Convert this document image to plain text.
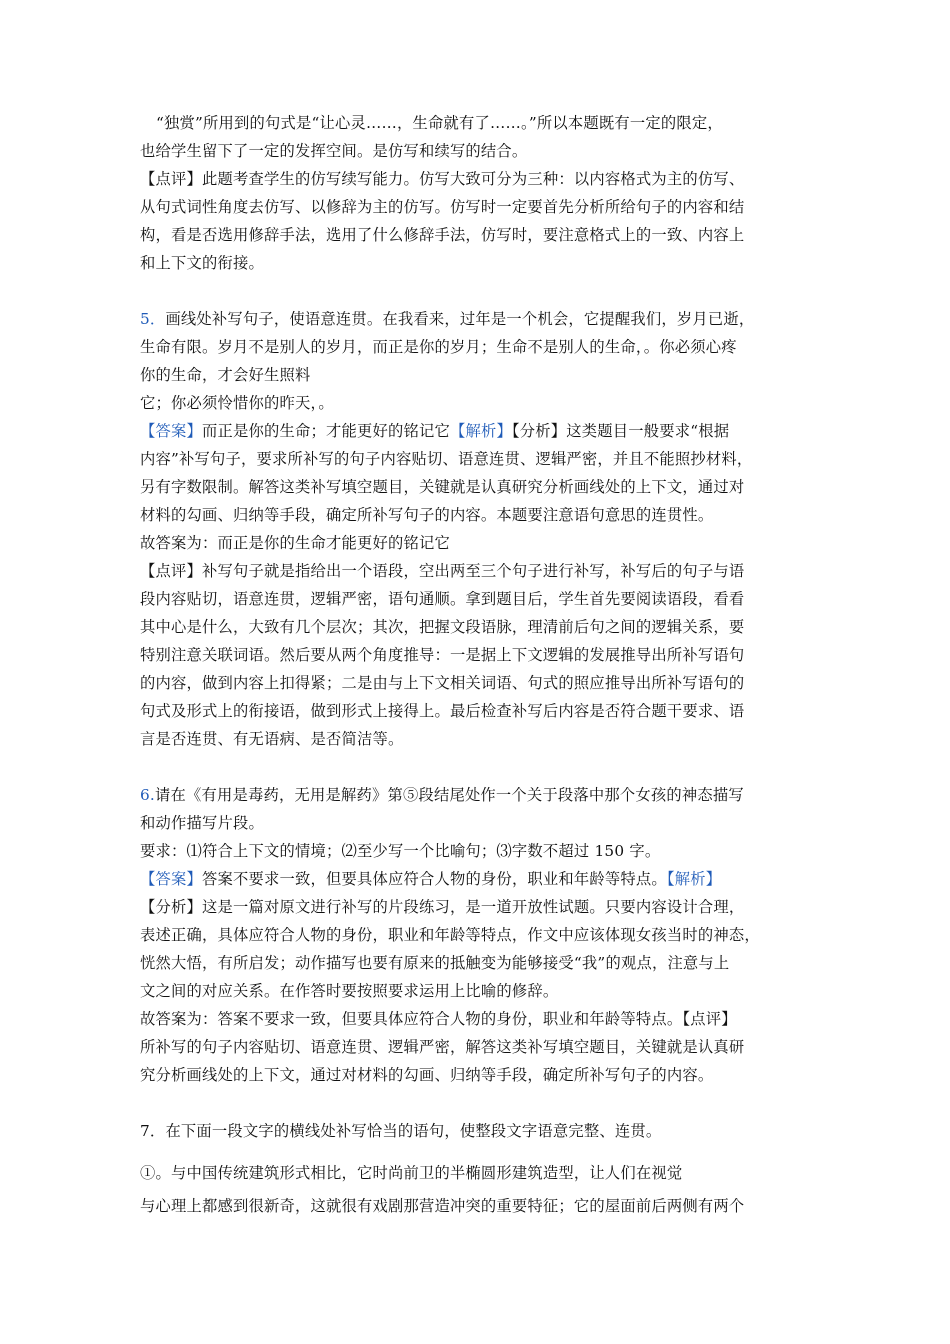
“独赏”所用到的句式是“让心灵……，生命就有了……。”所以本题既有一定的限定，
也给学生留下了一定的发挥空间。是仿写和续写的结合。
【点评】此题考查学生的仿写续写能力。仿写大致可分为三种：以内容格式为主的仿写、
从句式词性角度去仿写、以修辞为主的仿写。仿写时一定要首先分析所给句子的内容和结
构，看是否选用修辞手法，选用了什么修辞手法，仿写时，要注意格式上的一致、内容上
和上下文的衔接。
5．画线处补写句子，使语意连贯。在我看来，过年是一个机会，它提醒我们，岁月已逝，
生命有限。岁月不是别人的岁月，而正是你的岁月；生命不是别人的生命，。你必须心疼
你的生命，才会好生照料
它；你必须怜惜你的昨天，。
【答案】而正是你的生命；才能更好的铭记它【解析】【分析】这类题目一般要求“根据
内容”补写句子，要求所补写的句子内容贴切、语意连贯、逻辑严密，并且不能照抄材料，
另有字数限制。解答这类补写填空题目，关键就是认真研究分析画线处的上下文，通过对
材料的勾画、归纳等手段，确定所补写句子的内容。本题要注意语句意思的连贯性。
故答案为：而正是你的生命才能更好的铭记它
【点评】补写句子就是指给出一个语段，空出两至三个句子进行补写，补写后的句子与语
段内容贴切，语意连贯，逻辑严密，语句通顺。拿到题目后，学生首先要阅读语段，看看
其中心是什么，大致有几个层次；其次，把握文段语脉，理清前后句之间的逻辑关系，要
特别注意关联词语。然后要从两个角度推导：一是据上下文逻辑的发展推导出所补写语句
的内容，做到内容上扣得紧；二是由与上下文相关词语、句式的照应推导出所补写语句的
句式及形式上的衔接语，做到形式上接得上。最后检查补写后内容是否符合题干要求、语
言是否连贯、有无语病、是否简洁等。
6.请在《有用是毒药，无用是解药》第⑤段结尾处作一个关于段落中那个女孩的神态描写
和动作描写片段。
要求：⑴符合上下文的情境；⑵至少写一个比喻句；⑶字数不超过 150 字。
【答案】答案不要求一致，但要具体应符合人物的身份，职业和年龄等特点。【解析】
【分析】这是一篇对原文进行补写的片段练习，是一道开放性试题。只要内容设计合理，
表述正确，具体应符合人物的身份，职业和年龄等特点，作文中应该体现女孩当时的神态，
恍然大悟，有所启发；动作描写也要有原来的抵触变为能够接受“我”的观点，注意与上
文之间的对应关系。在作答时要按照要求运用上比喻的修辞。
故答案为：答案不要求一致，但要具体应符合人物的身份，职业和年龄等特点。【点评】
所补写的句子内容贴切、语意连贯、逻辑严密，解答这类补写填空题目，关键就是认真研
究分析画线处的上下文，通过对材料的勾画、归纳等手段，确定所补写句子的内容。
7．在下面一段文字的横线处补写恰当的语句，使整段文字语意完整、连贯。
①。与中国传统建筑形式相比，它时尚前卫的半椭圆形建筑造型，让人们在视觉
与心理上都感到很新奇，这就很有戏剧那营造冲突的重要特征；它的屋面前后两侧有两个
